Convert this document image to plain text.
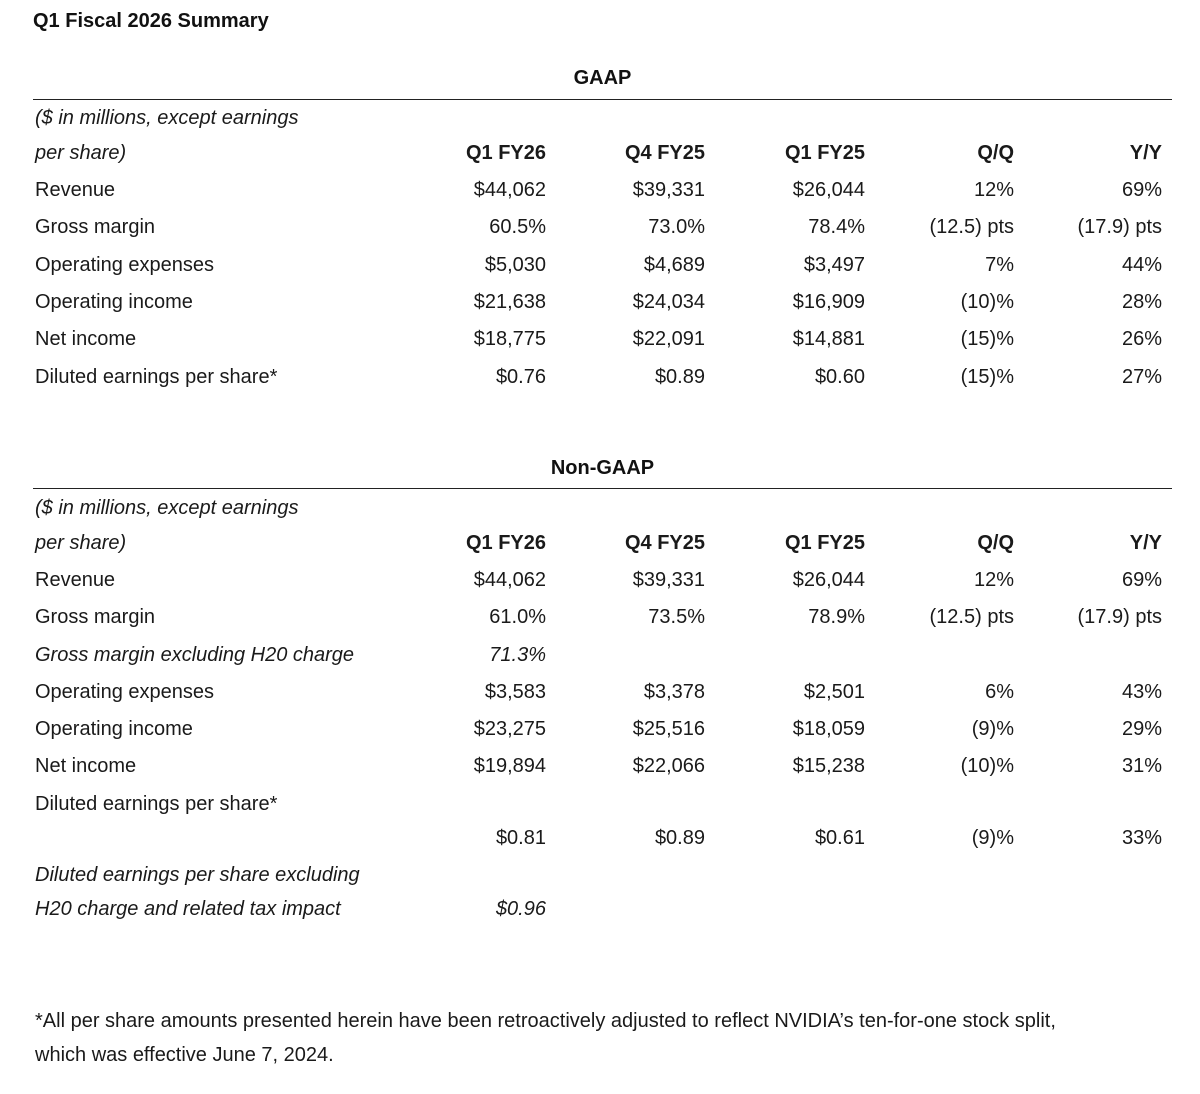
Q1 Fiscal 2026 Summary
GAAP
($ in millions, except earnings
per share)	Q1 FY26	Q4 FY25	Q1 FY25	Q/Q	Y/Y
Revenue	$44,062	$39,331	$26,044	12%	69%
Gross margin	60.5%	73.0%	78.4%	(12.5) pts	(17.9) pts
Operating expenses	$5,030	$4,689	$3,497	7%	44%
Operating income	$21,638	$24,034	$16,909	(10)%	28%
Net income	$18,775	$22,091	$14,881	(15)%	26%
Diluted earnings per share*	$0.76	$0.89	$0.60	(15)%	27%
Non-GAAP
($ in millions, except earnings
per share)	Q1 FY26	Q4 FY25	Q1 FY25	Q/Q	Y/Y
Revenue	$44,062	$39,331	$26,044	12%	69%
Gross margin	61.0%	73.5%	78.9%	(12.5) pts	(17.9) pts
Gross margin excluding H20 charge	71.3%
Operating expenses	$3,583	$3,378	$2,501	6%	43%
Operating income	$23,275	$25,516	$18,059	(9)%	29%
Net income	$19,894	$22,066	$15,238	(10)%	31%
Diluted earnings per share*
$0.81	$0.89	$0.61	(9)%	33%
Diluted earnings per share excluding
H20 charge and related tax impact	$0.96
*All per share amounts presented herein have been retroactively adjusted to reflect NVIDIA’s ten-for-one stock split,
which was effective June 7, 2024.
